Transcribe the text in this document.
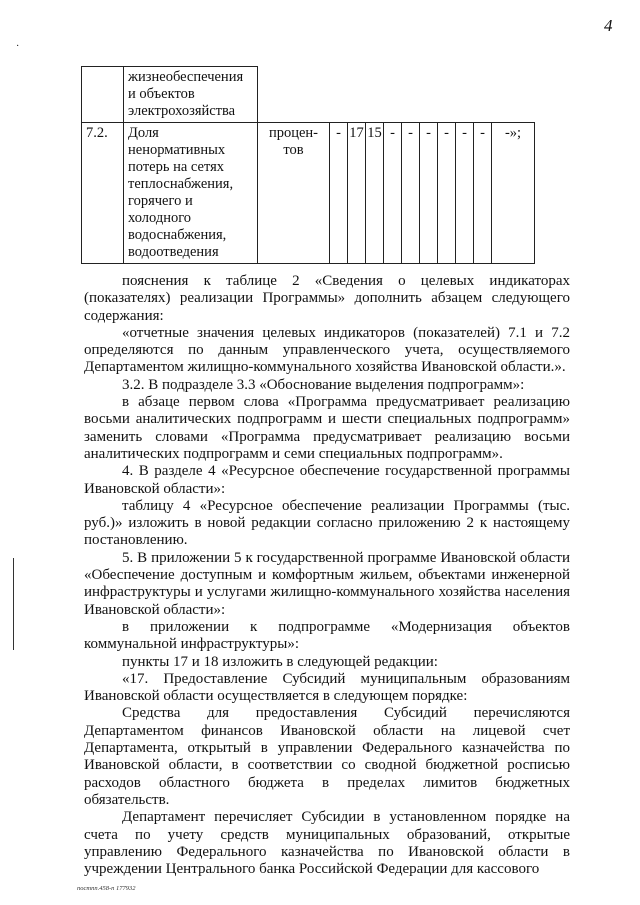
4
·
	жизнеобеспечения и объектов электрохозяйства											
7.2.	Доля ненормативных потерь на сетях теплоснабжения, горячего и холодного водоснабжения, водоотведения	процен- тов	-	17	15	-	-	-	-	-	-	-»;

пояснения к таблице 2 «Сведения о целевых индикаторах (показателях) реализации Программы» дополнить абзацем следующего содержания:

«отчетные значения целевых индикаторов (показателей) 7.1 и 7.2 определяются по данным управленческого учета, осуществляемого Департаментом жилищно-коммунального хозяйства Ивановской области.».

3.2. В подразделе 3.3 «Обоснование выделения подпрограмм»:

в абзаце первом слова «Программа предусматривает реализацию восьми аналитических подпрограмм и шести специальных подпрограмм» заменить словами «Программа предусматривает реализацию восьми аналитических подпрограмм и семи специальных подпрограмм».

4. В разделе 4 «Ресурсное обеспечение государственной программы Ивановской области»:

таблицу 4 «Ресурсное обеспечение реализации Программы (тыс. руб.)» изложить в новой редакции согласно приложению 2 к настоящему постановлению.

5. В приложении 5 к государственной программе Ивановской области «Обеспечение доступным и комфортным жильем, объектами инженерной инфраструктуры и услугами жилищно-коммунального хозяйства населения Ивановской области»:

в приложении к подпрограмме «Модернизация объектов коммунальной инфраструктуры»:

пункты 17 и 18 изложить в следующей редакции:

«17. Предоставление Субсидий муниципальным образованиям Ивановской области осуществляется в следующем порядке:

Средства для предоставления Субсидий перечисляются Департаментом финансов Ивановской области на лицевой счет Департамента, открытый в управлении Федерального казначейства по Ивановской области, в соответствии со сводной бюджетной росписью расходов областного бюджета в пределах лимитов бюджетных обязательств.

Департамент перечисляет Субсидии в установленном порядке на счета по учету средств муниципальных образований, открытые управлению Федерального казначейства по Ивановской области в учреждении Центрального банка Российской Федерации для кассового

постпп.458-п 177932
